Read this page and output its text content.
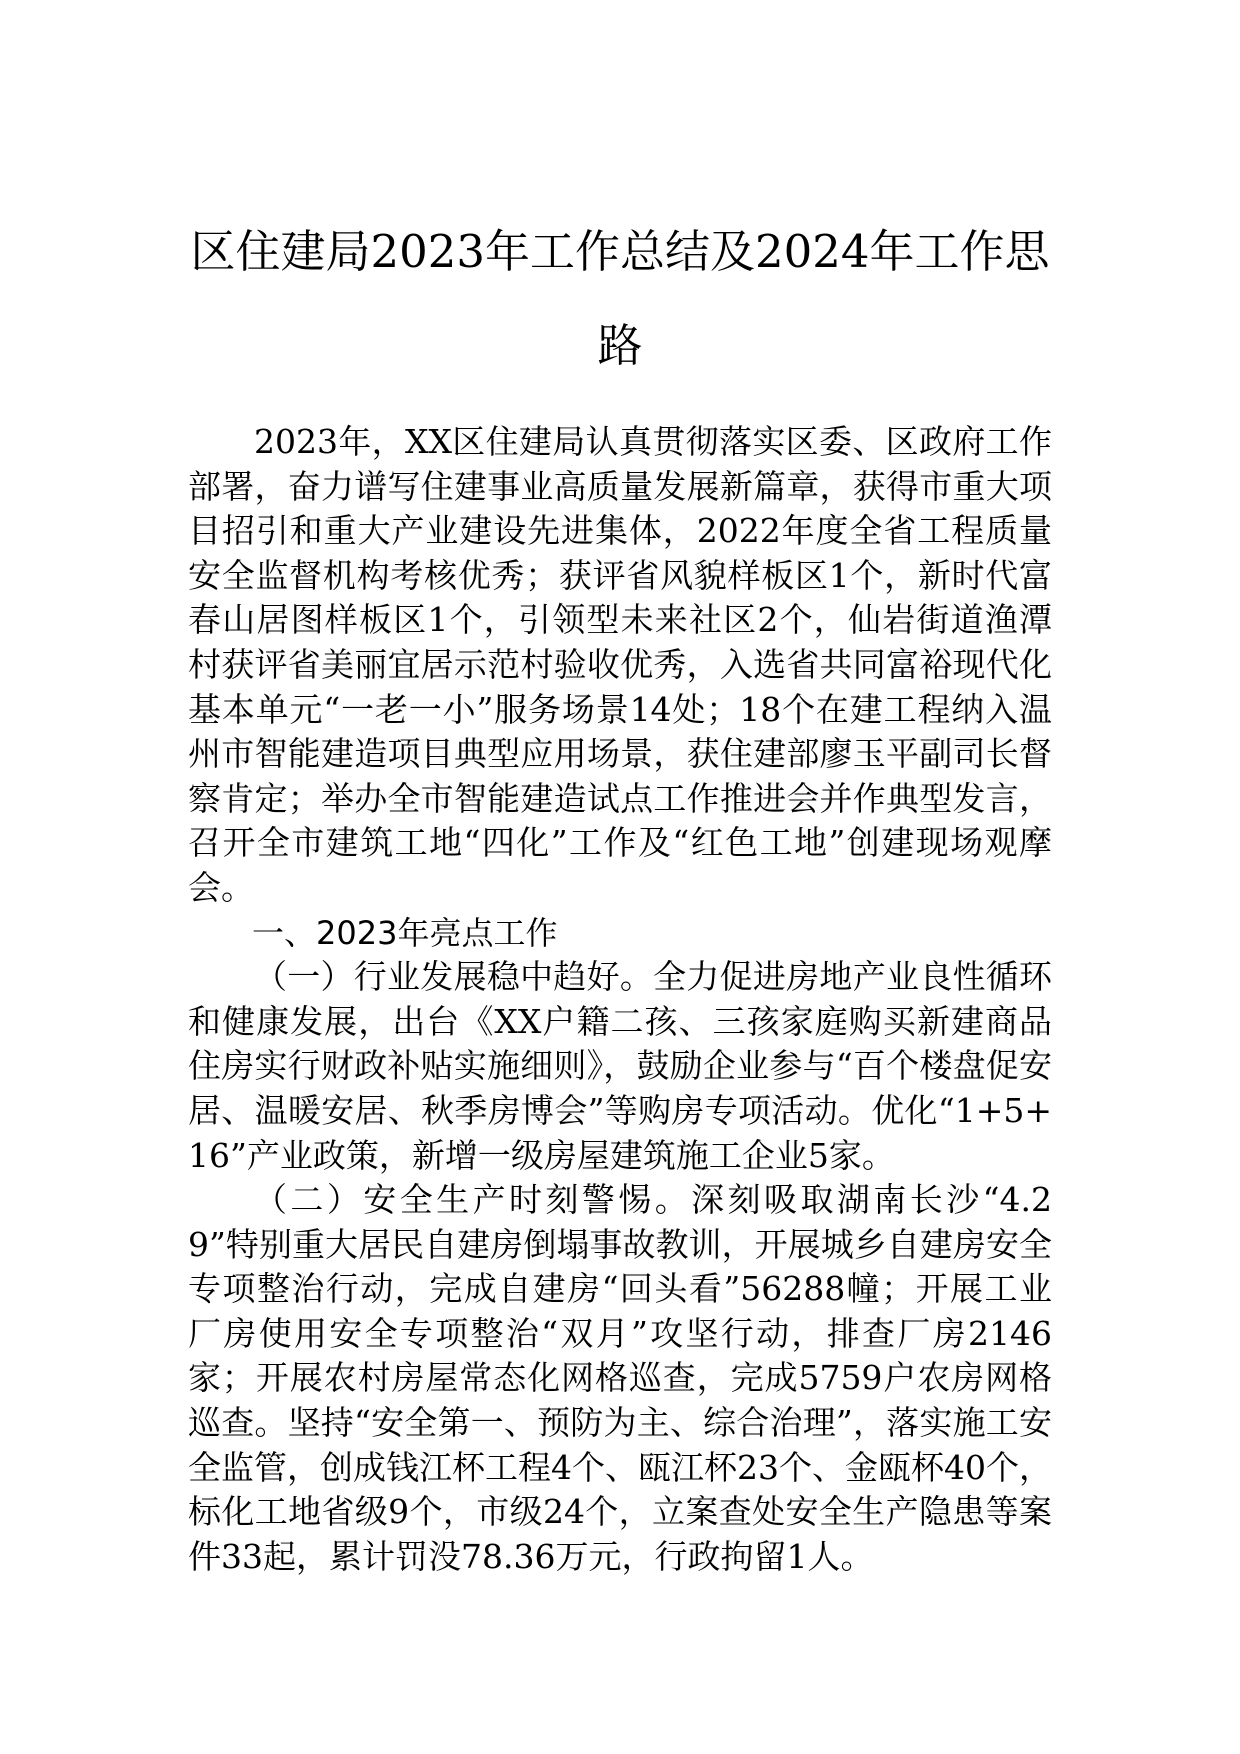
区住建局2023年工作总结及2024年工作思路

2023年，XX区住建局认真贯彻落实区委、区政府工作部署，奋力谱写住建事业高质量发展新篇章，获得市重大项目招引和重大产业建设先进集体，2022年度全省工程质量安全监督机构考核优秀；获评省风貌样板区1个，新时代富春山居图样板区1个，引领型未来社区2个，仙岩街道渔潭村获评省美丽宜居示范村验收优秀，入选省共同富裕现代化基本单元“一老一小”服务场景14处；18个在建工程纳入温州市智能建造项目典型应用场景，获住建部廖玉平副司长督察肯定；举办全市智能建造试点工作推进会并作典型发言，召开全市建筑工地“四化”工作及“红色工地”创建现场观摩会。

一、2023年亮点工作

（一）行业发展稳中趋好。全力促进房地产业良性循环和健康发展，出台《XX户籍二孩、三孩家庭购买新建商品住房实行财政补贴实施细则》，鼓励企业参与“百个楼盘促安居、温暖安居、秋季房博会”等购房专项活动。优化“1+5+16”产业政策，新增一级房屋建筑施工企业5家。

（二）安全生产时刻警惕。深刻吸取湖南长沙“4.29”特别重大居民自建房倒塌事故教训，开展城乡自建房安全专项整治行动，完成自建房“回头看”56288幢；开展工业厂房使用安全专项整治“双月”攻坚行动，排查厂房2146家；开展农村房屋常态化网格巡查，完成5759户农房网格巡查。坚持“安全第一、预防为主、综合治理”，落实施工安全监管，创成钱江杯工程4个、瓯江杯23个、金瓯杯40个，标化工地省级9个，市级24个，立案查处安全生产隐患等案件33起，累计罚没78.36万元，行政拘留1人。
